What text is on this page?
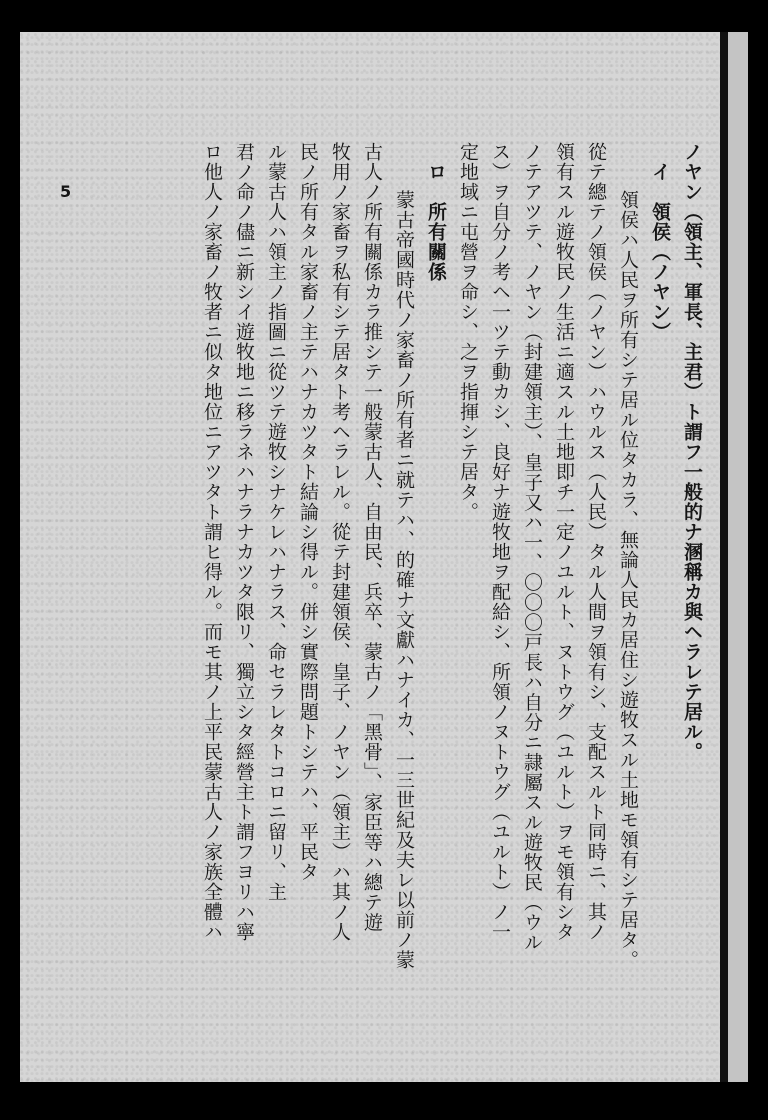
ノヤン（領主、軍長、主君）ト謂フ一般的ナ溷稱カ與ヘラレテ居ル。

イ　領侯（ノヤン）

領侯ハ人民ヲ所有シテ居ル位タカラ、無論人民カ居住シ遊牧スル土地モ領有シテ居タ。

從テ總テノ領侯（ノヤン）ハウルス（人民）タル人間ヲ領有シ、支配スルト同時ニ、其ノ

領有スル遊牧民ノ生活ニ適スル土地即チ一定ノユルト、ヌトウグ（ユルト）ヲモ領有シタ

ノテアツテ、ノヤン（封建領主）、皇子又ハ一、〇〇〇戸長ハ自分ニ隷屬スル遊牧民（ウル

ス）ヲ自分ノ考ヘ一ツテ動カシ、良好ナ遊牧地ヲ配給シ、所領ノヌトウグ（ユルト）ノ一

定地域ニ屯營ヲ命シ、之ヲ指揮シテ居タ。

ロ　所有關係

蒙古帝國時代ノ家畜ノ所有者ニ就テハ、的確ナ文獻ハナイカ、一三世紀及夫レ以前ノ蒙

古人ノ所有關係カラ推シテ一般蒙古人、自由民、兵卒、蒙古ノ「黑骨」、家臣等ハ總テ遊

牧用ノ家畜ヲ私有シテ居タト考ヘラレル。從テ封建領侯、皇子、ノヤン（領主）ハ其ノ人

民ノ所有タル家畜ノ主テハナカツタト結論シ得ル。併シ實際問題トシテハ、平民タ

ル蒙古人ハ領主ノ指圖ニ從ツテ遊牧シナケレハナラス、命セラレタトコロニ留リ、主

君ノ命ノ儘ニ新シイ遊牧地ニ移ラネハナラナカツタ限リ、獨立シタ經營主ト謂フヨリハ寧

ロ他人ノ家畜ノ牧者ニ似タ地位ニアツタト謂ヒ得ル。而モ其ノ上平民蒙古人ノ家族全體ハ

5
